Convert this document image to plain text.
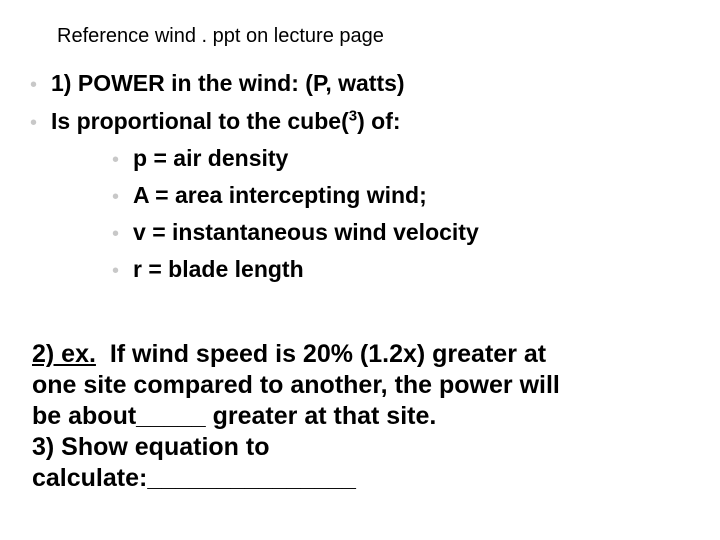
Reference wind . ppt on lecture page
• 1) POWER in the wind: (P, watts)
• Is proportional to the cube($^3$) of:
• p = air density
• A = area intercepting wind;
• v = instantaneous wind velocity
• r = blade length
2) ex.  If wind speed is 20% (1.2x) greater at
one site compared to another, the power will
be about_____ greater at that site.
3) Show equation to
calculate:_______________
